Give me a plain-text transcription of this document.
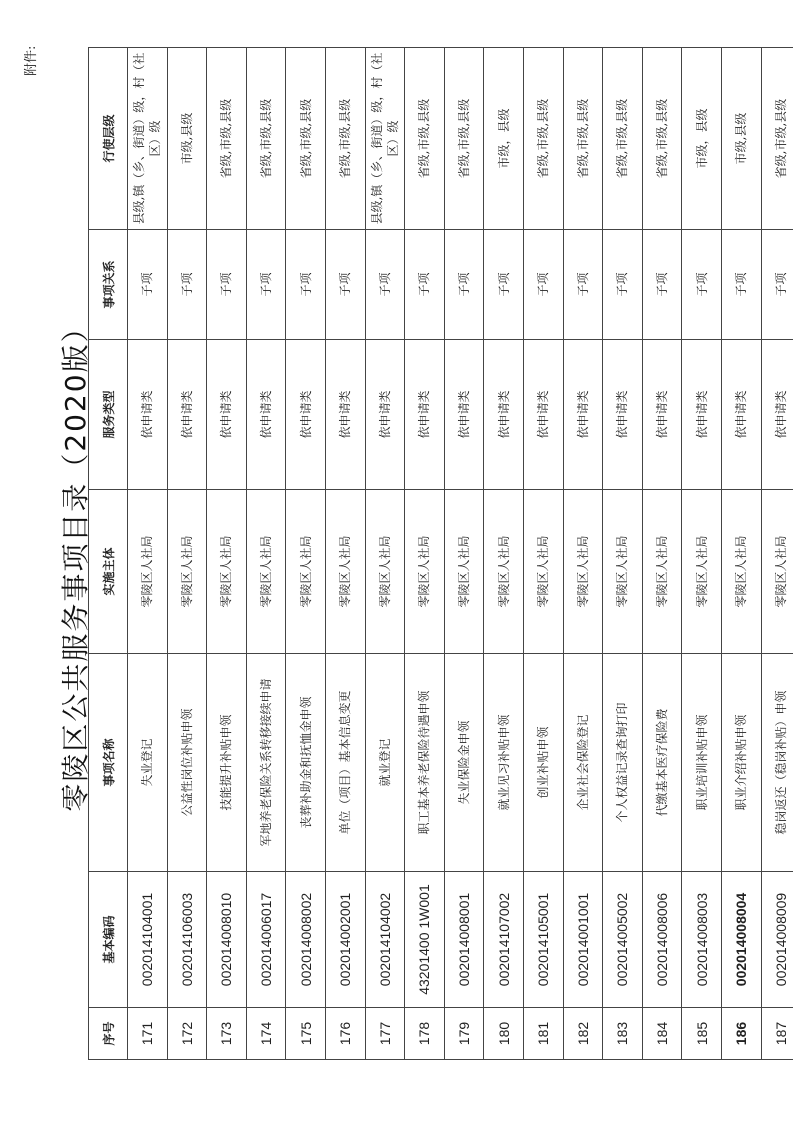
附件:
零陵区公共服务事项目录（2020版）
序号	基本编码	事项名称	实施主体	服务类型	事项关系	行使层级
171	002014104001	失业登记	零陵区人社局	依申请类	子项	县级,镇（乡、街道）级，村（社区）级
172	002014106003	公益性岗位补贴申领	零陵区人社局	依申请类	子项	市级,县级
173	002014008010	技能提升补贴申领	零陵区人社局	依申请类	子项	省级,市级,县级
174	002014006017	军地养老保险关系转移接续申请	零陵区人社局	依申请类	子项	省级,市级,县级
175	002014008002	丧葬补助金和抚恤金申领	零陵区人社局	依申请类	子项	省级,市级,县级
176	002014002001	单位（项目）基本信息变更	零陵区人社局	依申请类	子项	省级,市级,县级
177	002014104002	就业登记	零陵区人社局	依申请类	子项	县级,镇（乡、街道）级，村（社区）级
178	43201400 1W001	职工基本养老保险待遇申领	零陵区人社局	依申请类	子项	省级,市级,县级
179	002014008001	失业保险金申领	零陵区人社局	依申请类	子项	省级,市级,县级
180	002014107002	就业见习补贴申领	零陵区人社局	依申请类	子项	市级，县级
181	002014105001	创业补贴申领	零陵区人社局	依申请类	子项	省级,市级,县级
182	002014001001	企业社会保险登记	零陵区人社局	依申请类	子项	省级,市级,县级
183	002014005002	个人权益记录查询打印	零陵区人社局	依申请类	子项	省级,市级,县级
184	002014008006	代缴基本医疗保险费	零陵区人社局	依申请类	子项	省级,市级,县级
185	002014008003	职业培训补贴申领	零陵区人社局	依申请类	子项	市级，县级
186	002014008004	职业介绍补贴申领	零陵区人社局	依申请类	子项	市级,县级
187	002014008009	稳岗返还（稳岗补贴）申领	零陵区人社局	依申请类	子项	省级,市级,县级
